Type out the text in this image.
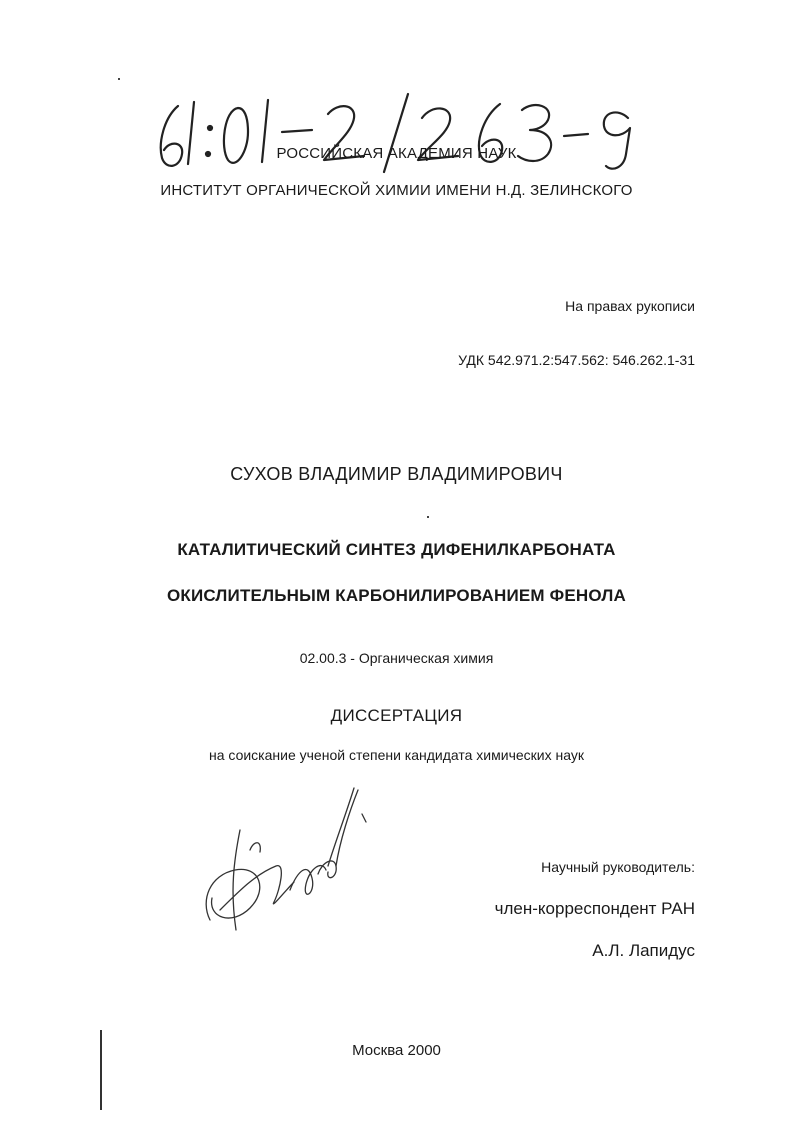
РОССИЙСКАЯ АКАДЕМИЯ НАУК
ИНСТИТУТ ОРГАНИЧЕСКОЙ ХИМИИ ИМЕНИ Н.Д. ЗЕЛИНСКОГО
На правах рукописи
УДК 542.971.2:547.562: 546.262.1-31
СУХОВ ВЛАДИМИР ВЛАДИМИРОВИЧ
КАТАЛИТИЧЕСКИЙ СИНТЕЗ ДИФЕНИЛКАРБОНАТА
ОКИСЛИТЕЛЬНЫМ КАРБОНИЛИРОВАНИЕМ ФЕНОЛА
02.00.3 - Органическая химия
ДИССЕРТАЦИЯ
на соискание ученой степени кандидата химических наук
Научный руководитель:
член-корреспондент РАН
А.Л. Лапидус
Москва 2000
